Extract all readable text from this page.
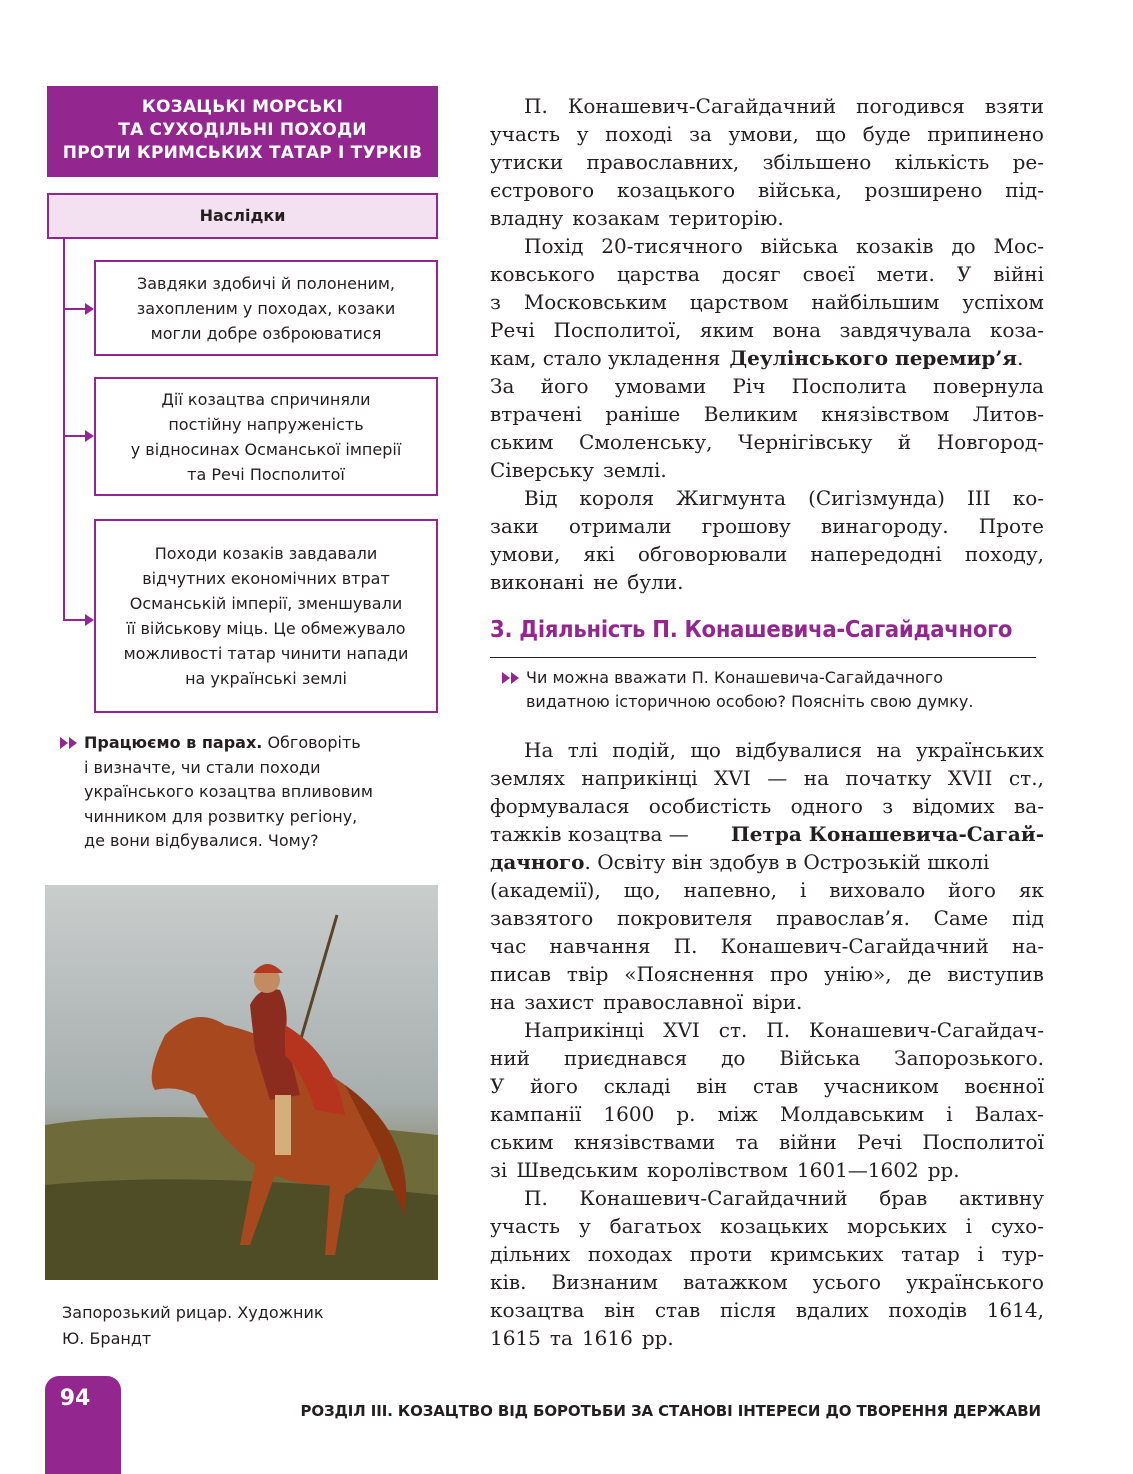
КОЗАЦЬКІ МОРСЬКІ
ТА СУХОДІЛЬНІ ПОХОДИ
ПРОТИ КРИМСЬКИХ ТАТАР І ТУРКІВ
Наслідки
Завдяки здобичі й полоненим,
захопленим у походах, козаки
могли добре озброюватися
Дії козацтва спричиняли
постійну напруженість
у відносинах Османської імперії
та Речі Посполитої
Походи козаків завдавали
відчутних економічних втрат
Османській імперії, зменшували
її військову міць. Це обмежувало
можливості татар чинити напади
на українські землі
Працюємо в парах. Обговоріть
і визначте, чи стали походи
українського козацтва впливовим
чинником для розвитку регіону,
де вони відбувалися. Чому?
Запорозький рицар. Художник
Ю. Брандт
П. Конашевич-Сагайдачний погодився взяти
участь у поході за умови, що буде припинено
утиски православних, збільшено кількість ре-
єстрового козацького війська, розширено під-
владну козакам територію.
Похід 20-тисячного війська козаків до Мос-
ковського царства досяг своєї мети. У війні
з Московським царством найбільшим успіхом
Речі Посполитої, яким вона завдячувала коза-
кам, стало укладення Деулінського перемир’я.
За його умовами Річ Посполита повернула
втрачені раніше Великим князівством Литов-
ським Смоленську, Чернігівську й Новгород-
Сіверську землі.
Від короля Жигмунта (Сигізмунда) ІІІ ко-
заки отримали грошову винагороду. Проте
умови, які обговорювали напередодні походу,
виконані не були.
3. Діяльність П. Конашевича-Сагайдачного
Чи можна вважати П. Конашевича-Сагайдачного
видатною історичною особою? Поясніть свою думку.
На тлі подій, що відбувалися на українських
землях наприкінці XVI — на початку XVII ст.,
формувалася особистість одного з відомих ва-
тажків козацтва — Петра Конашевича-Сагай-
дачного . Освіту він здобув в Острозькій школі
(академії), що, напевно, і виховало його як
завзятого покровителя православ’я. Саме під
час навчання П. Конашевич-Сагайдачний на-
писав твір «Пояснення про унію», де виступив
на захист православної віри.
Наприкінці XVI ст. П. Конашевич-Сагайдач-
ний приєднався до Війська Запорозького.
У його складі він став учасником воєнної
кампанії 1600 р. між Молдавським і Валах-
ським князівствами та війни Речі Посполитої
зі Шведським королівством 1601—1602 рр.
П. Конашевич-Сагайдачний брав активну
участь у багатьох козацьких морських і сухо-
дільних походах проти кримських татар і тур-
ків. Визнаним ватажком усього українського
козацтва він став після вдалих походів 1614,
1615 та 1616 рр.
94	РОЗДІЛ ІІІ. КОЗАЦТВО ВІД БОРОТЬБИ ЗА СТАНОВІ ІНТЕРЕСИ ДО ТВОРЕННЯ ДЕРЖАВИ
